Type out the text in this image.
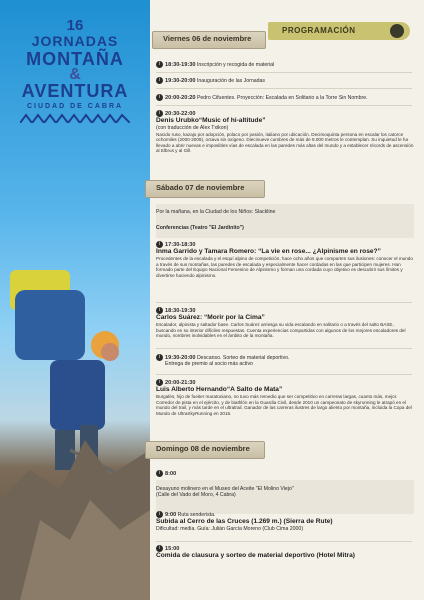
16
JORNADAS
MONTAÑA
&
AVENTURA
CIUDAD DE CABRA
PROGRAMACIÓN
Viernes 06 de noviembre
i 18:30-19:30 Inscripción y recogida de material
i 19:30-20:00 Inauguración de las Jornadas
i 20:00-20:20 Pedro Cifuentes. Proyección: Escalada en Solitario a la Torre Sin Nombre.
i 20:30-22:00
Denis Urubko“Music of hi-altitude”
(con traducción de Alex Txikon)
Nacido ruso, kazajo por adopción, polaco por pasión, italiano por ubicación. Decimoquinta persona en escalar los catorce ochomiles (2000-2009), octava sin oxígeno. Diecinueve cumbres de más de 8.000 metros le contemplan. Su inquietud le ha llevado a abrir nuevas e imposibles vías de escalada en las paredes más altas del mundo y a establecer récords de ascensión al Elbrus y al Gill.
Sábado 07 de noviembre
Por la mañana, en la Ciudad de los Niños: Slackline
Conferencias (Teatro "El Jardinito")
i 17:30-18:30
Inma Garrido y Tamara Romero: “La vie en rose... ¿Alpinisme en rose?”
Procedentes de la escalada y el esquí alpino de competición, hace ocho años que comparten sus ilusiones: conocer el mundo a través de sus montañas, las paredes de escalada y especialmente hacer cordadas en las que participen mujeres. Han formado parte del Equipo Nacional Femenino de Alpinismo y forman una cordada cuyo objetivo es descubrir sus límites y divertirse haciendo alpinismo.
i 18:30-19:30
Carlos Suárez: “Morir por la Cima”
Escalador, alpinista y saltador base. Carlos Suárez arriesga su vida escalando en solitario o a través del salto BASE, buscando en su interior difíciles respuestas. Cuenta experiencias compartidas con algunos de los mejores escaladores del mundo, nombres inolvidables en el ámbito de la montaña.
i 19:30-20:00 Descanso. Sorteo de material deportivo.
Entrega de premio al socio más activo
i 20:00-21:30
Luis Alberto Hernando“A Salto de Mata”
Burgalés, hijo de fueiter maratoniano, no tuvo más remedio que ser competitivo en carreras largas, cuanto más, mejor. Corredor de pista en el ejército, y de biathlón en la Guardia Civil, desde 2010 un campeonato de skyrunning le atrapó en el mundo del trail, y más tarde en el ultratrail. Ganador de las carreras ilustres de largo aliento por montaña, incluida la Copa del Mundo de UltraSkyRunning en 2015.
Domingo 08 de noviembre
i 8:00
Desayuno molinero en el Museo del Aceite "El Molino Viejo"
(Calle del Vado del Moro, 4 Cabra)
i 9:00 Ruta senderista.
Subida al Cerro de las Cruces (1.269 m.) (Sierra de Rute)
Dificultad: media. Guía: Julián García Moreno (Club Cima 2000)
i 15:00
Comida de clausura y sorteo de material deportivo (Hotel Mitra)
